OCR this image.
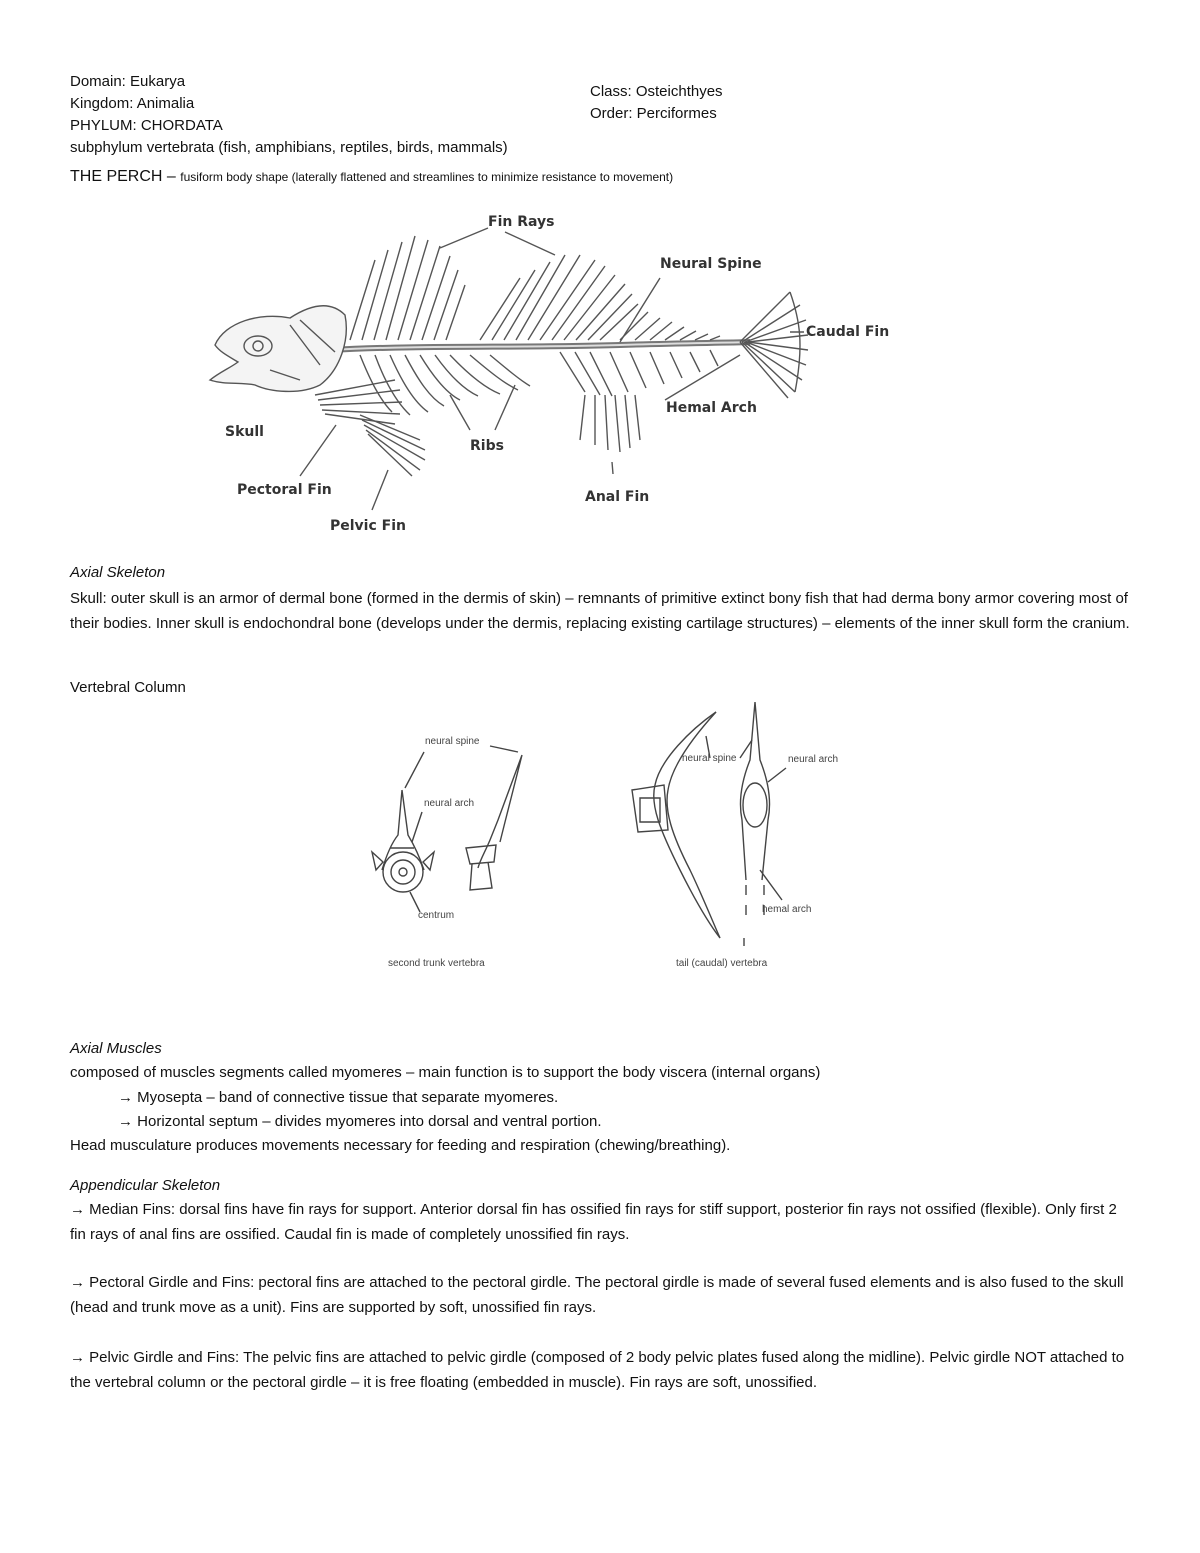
Domain: Eukarya
Kingdom: Animalia
PHYLUM: CHORDATA
subphylum vertebrata (fish, amphibians, reptiles, birds, mammals)
Class: Osteichthyes
Order: Perciformes
THE PERCH – fusiform body shape (laterally flattened and streamlines to minimize resistance to movement)
Fin Rays
Neural Spine
Caudal Fin
Hemal Arch
Skull
Ribs
Pectoral Fin	Anal Fin
Pelvic Fin
Axial Skeleton
Skull: outer skull is an armor of dermal bone (formed in the dermis of skin) – remnants of primitive extinct bony fish that had derma bony armor covering most of their bodies. Inner skull is endochondral bone (develops under the dermis, replacing existing cartilage structures) – elements of the inner skull form the cranium.
Vertebral Column
neural spine
neural arch
centrum
second trunk vertebra
neural spine	neural arch
hemal arch
tail (caudal) vertebra
Axial Muscles
composed of muscles segments called myomeres – main function is to support the body viscera (internal organs)
→ Myosepta – band of connective tissue that separate myomeres.
→ Horizontal septum – divides myomeres into dorsal and ventral portion.
Head musculature produces movements necessary for feeding and respiration (chewing/breathing).
Appendicular Skeleton
→ Median Fins: dorsal fins have fin rays for support. Anterior dorsal fin has ossified fin rays for stiff support, posterior fin rays not ossified (flexible). Only first 2 fin rays of anal fins are ossified. Caudal fin is made of completely unossified fin rays.
→ Pectoral Girdle and Fins: pectoral fins are attached to the pectoral girdle. The pectoral girdle is made of several fused elements and is also fused to the skull (head and trunk move as a unit). Fins are supported by soft, unossified fin rays.
→ Pelvic Girdle and Fins: The pelvic fins are attached to pelvic girdle (composed of 2 body pelvic plates fused along the midline). Pelvic girdle NOT attached to the vertebral column or the pectoral girdle – it is free floating (embedded in muscle). Fin rays are soft, unossified.
